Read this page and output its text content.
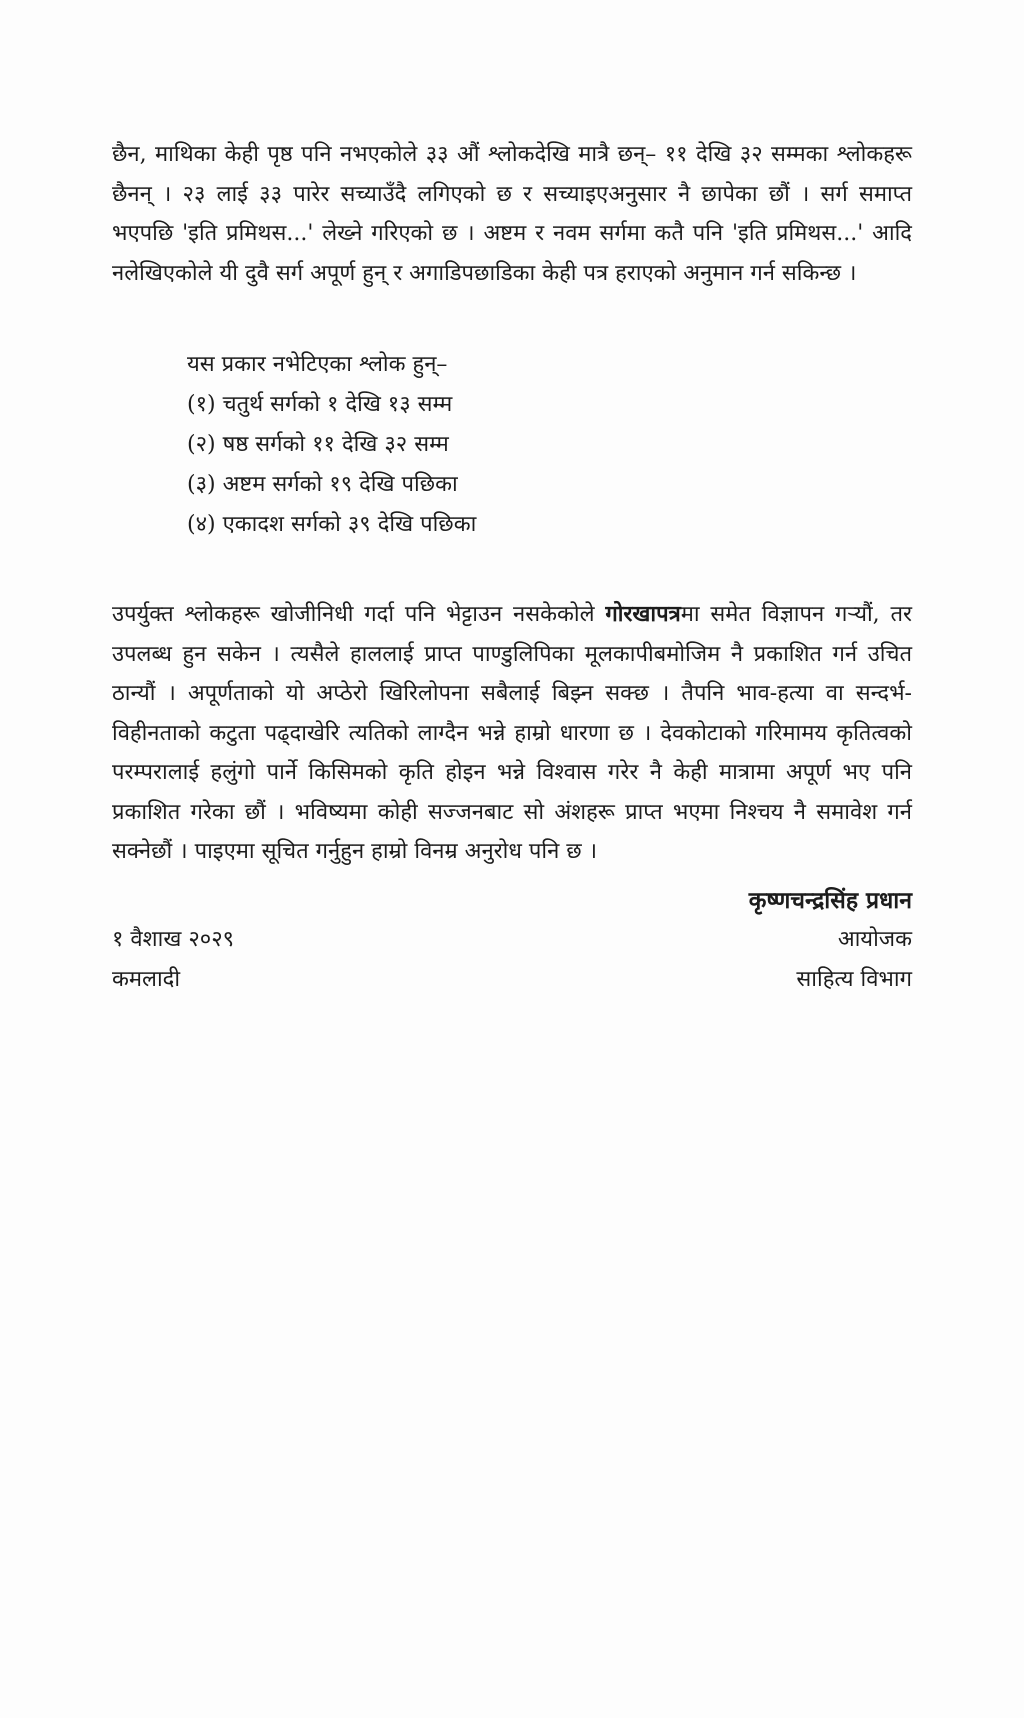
छैन, माथिका केही पृष्ठ पनि नभएकोले ३३ औं श्लोकदेखि मात्रै छन्– ११ देखि ३२ सम्मका श्लोकहरू छैनन् । २३ लाई ३३ पारेर सच्याउँदै लगिएको छ र सच्याइएअनुसार नै छापेका छौं । सर्ग समाप्त भएपछि 'इति प्रमिथस...' लेख्ने गरिएको छ । अष्टम र नवम सर्गमा कतै पनि 'इति प्रमिथस...' आदि नलेखिएकोले यी दुवै सर्ग अपूर्ण हुन् र अगाडिपछाडिका केही पत्र हराएको अनुमान गर्न सकिन्छ ।

यस प्रकार नभेटिएका श्लोक हुन्–
(१) चतुर्थ सर्गको १ देखि १३ सम्म
(२) षष्ठ सर्गको ११ देखि ३२ सम्म
(३) अष्टम सर्गको १९ देखि पछिका
(४) एकादश सर्गको ३९ देखि पछिका

उपर्युक्त श्लोकहरू खोजीनिधी गर्दा पनि भेट्टाउन नसकेकोले गोरखापत्रमा समेत विज्ञापन गऱ्यौं, तर उपलब्ध हुन सकेन । त्यसैले हाललाई प्राप्त पाण्डुलिपिका मूलकापीबमोजिम नै प्रकाशित गर्न उचित ठान्यौं । अपूर्णताको यो अप्ठेरो खिरिलोपना सबैलाई बिझ्न सक्छ । तैपनि भाव-हत्या वा सन्दर्भ-विहीनताको कटुता पढ्दाखेरि त्यतिको लाग्दैन भन्ने हाम्रो धारणा छ । देवकोटाको गरिमामय कृतित्वको परम्परालाई हलुंगो पार्ने किसिमको कृति होइन भन्ने विश्वास गरेर नै केही मात्रामा अपूर्ण भए पनि प्रकाशित गरेका छौं । भविष्यमा कोही सज्जनबाट सो अंशहरू प्राप्त भएमा निश्चय नै समावेश गर्न सक्नेछौं । पाइएमा सूचित गर्नुहुन हाम्रो विनम्र अनुरोध पनि छ ।

कृष्णचन्द्रसिंह प्रधान
१ वैशाख २०२९
कमलादी
आयोजक
साहित्य विभाग
